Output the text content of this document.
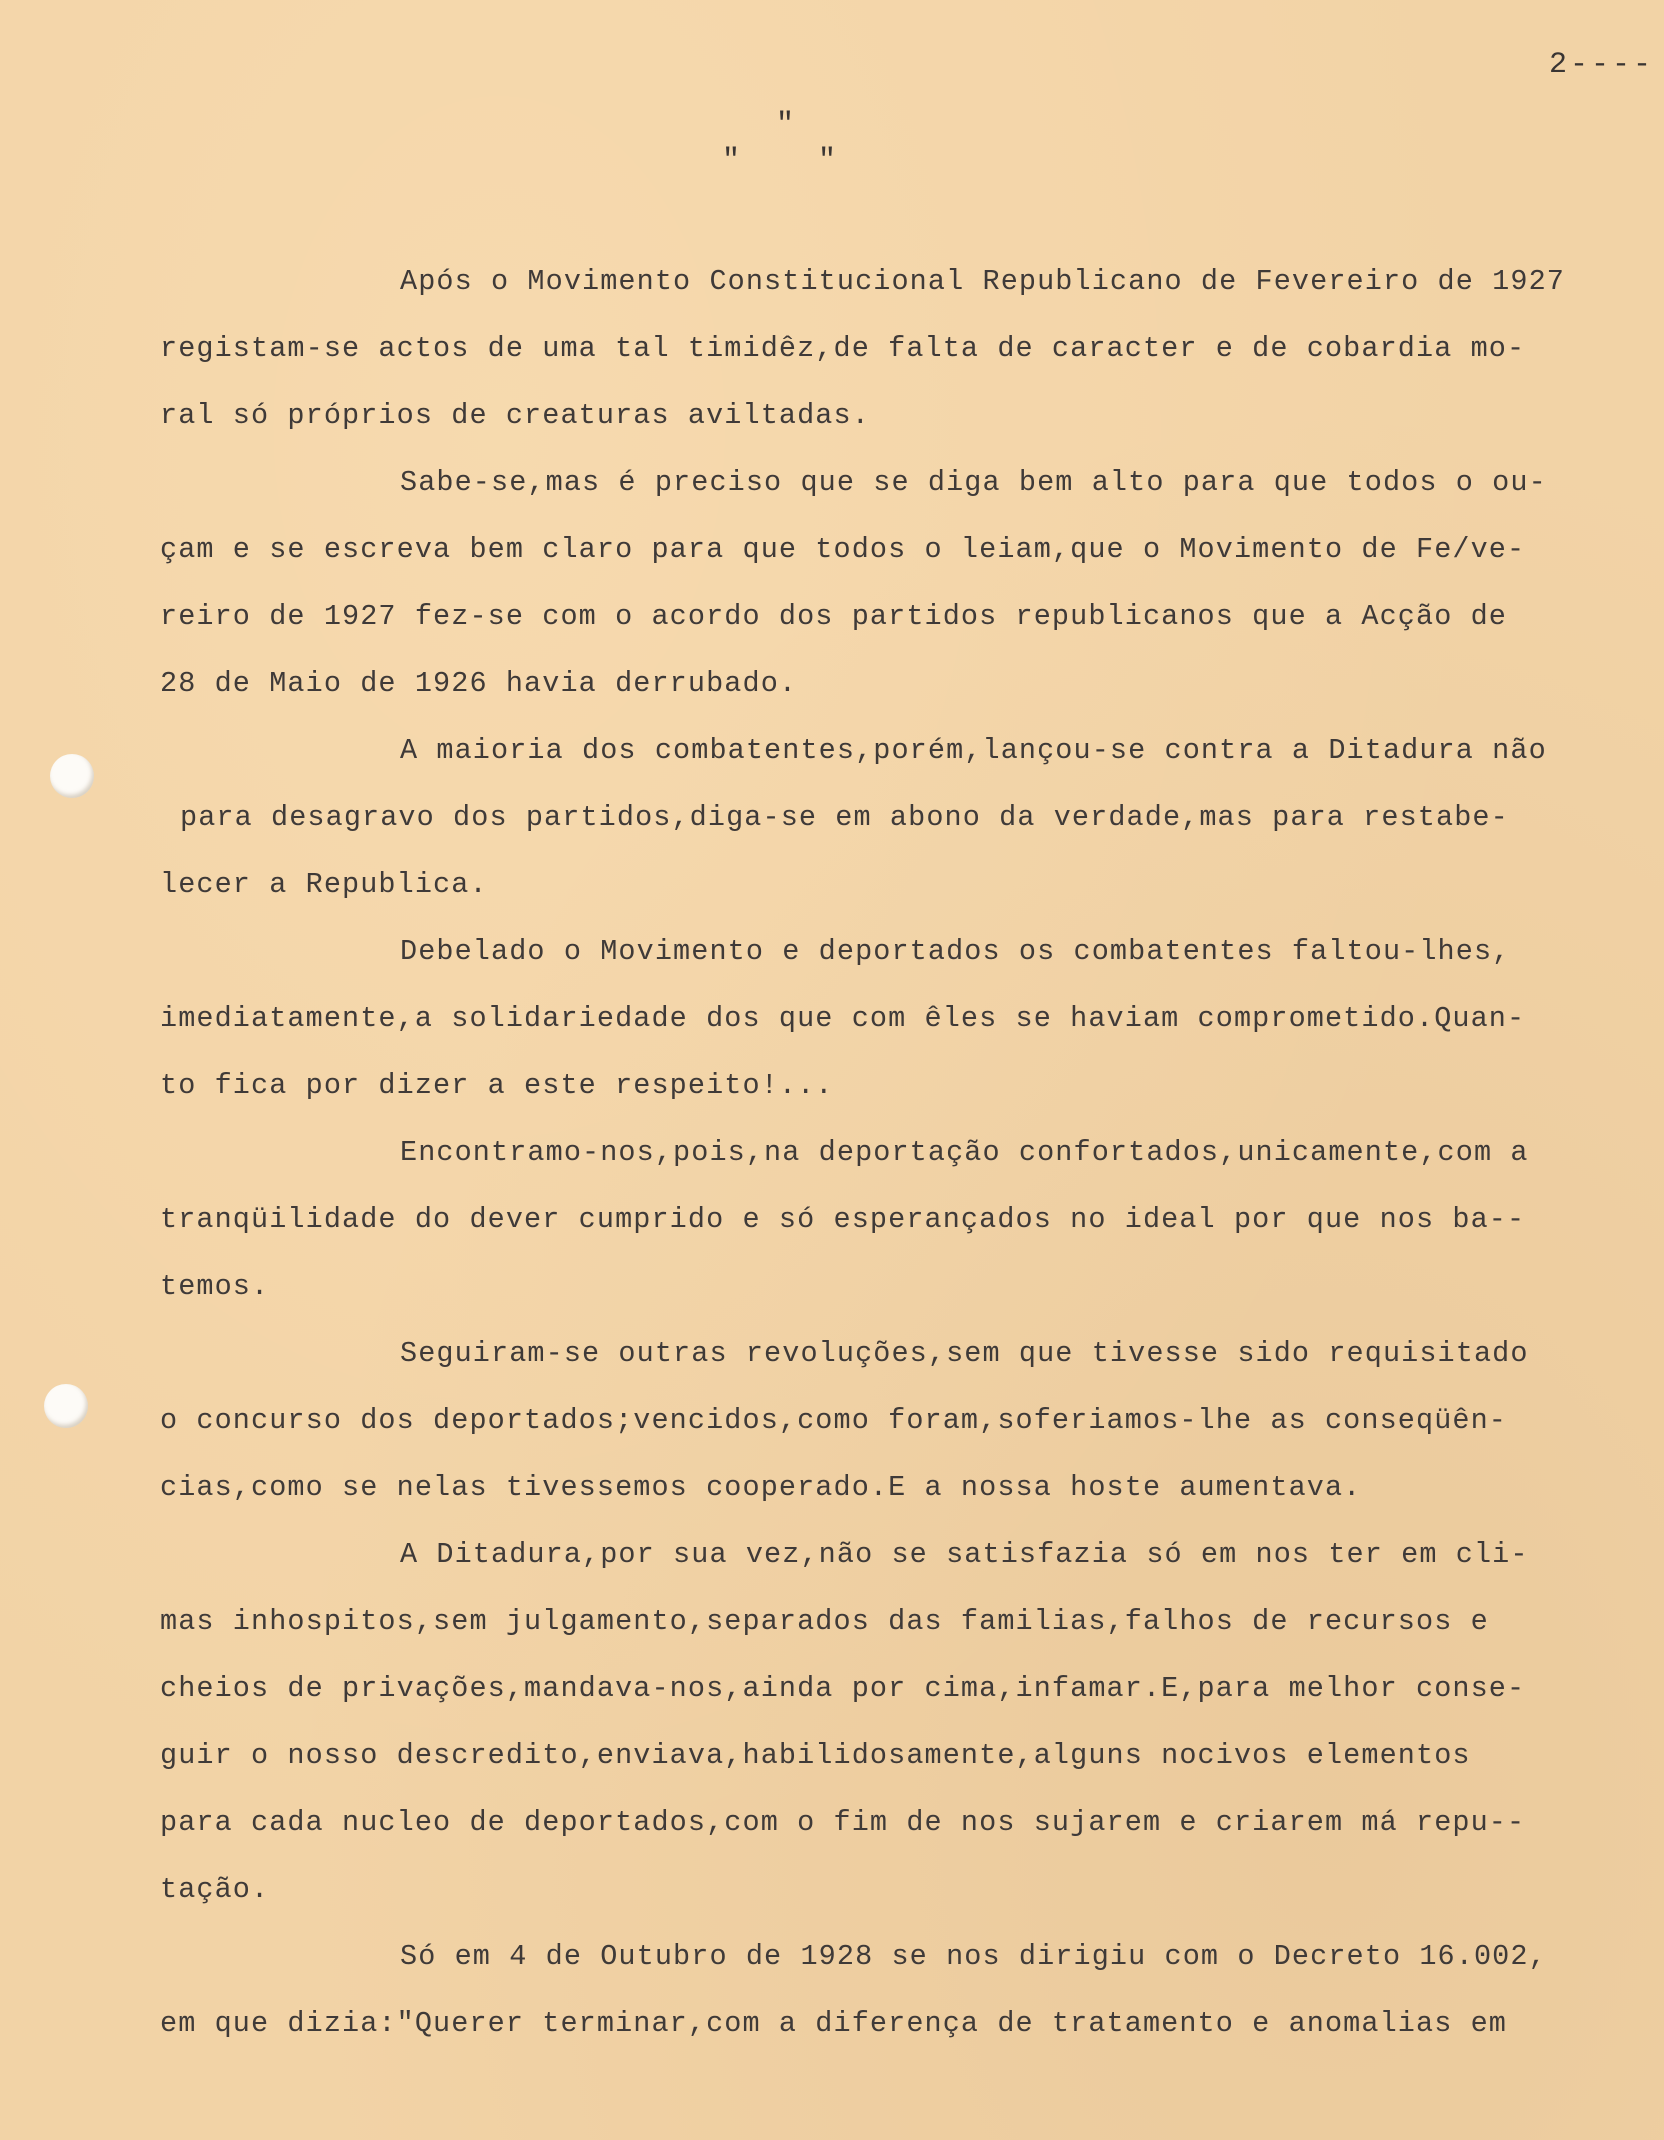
2----
"
"	"
Após o Movimento Constitucional Republicano de Fevereiro de 1927
registam-se actos de uma tal timidêz,de falta de caracter e de cobardia mo-
ral só próprios de creaturas aviltadas.
Sabe-se,mas é preciso que se diga bem alto para que todos o ou-
çam e se escreva bem claro para que todos o leiam,que o Movimento de Fe/ve-
reiro de 1927 fez-se com o acordo dos partidos republicanos que a Acção de
28 de Maio de 1926 havia derrubado.
A maioria dos combatentes,porém,lançou-se contra a Ditadura não
para desagravo dos partidos,diga-se em abono da verdade,mas para restabe-
lecer a Republica.
Debelado o Movimento e deportados os combatentes faltou-lhes,
imediatamente,a solidariedade dos que com êles se haviam comprometido.Quan-
to fica por dizer a este respeito!...
Encontramo-nos,pois,na deportação confortados,unicamente,com a
tranqüilidade do dever cumprido e só esperançados no ideal por que nos ba--
temos.
Seguiram-se outras revoluções,sem que tivesse sido requisitado
o concurso dos deportados;vencidos,como foram,soferiamos-lhe as conseqüên-
cias,como se nelas tivessemos cooperado.E a nossa hoste aumentava.
A Ditadura,por sua vez,não se satisfazia só em nos ter em cli-
mas inhospitos,sem julgamento,separados das familias,falhos de recursos e
cheios de privações,mandava-nos,ainda por cima,infamar.E,para melhor conse-
guir o nosso descredito,enviava,habilidosamente,alguns nocivos elementos
para cada nucleo de deportados,com o fim de nos sujarem e criarem má repu--
tação.
Só em 4 de Outubro de 1928 se nos dirigiu com o Decreto 16.002,
em que dizia:"Querer terminar,com a diferença de tratamento e anomalias em
